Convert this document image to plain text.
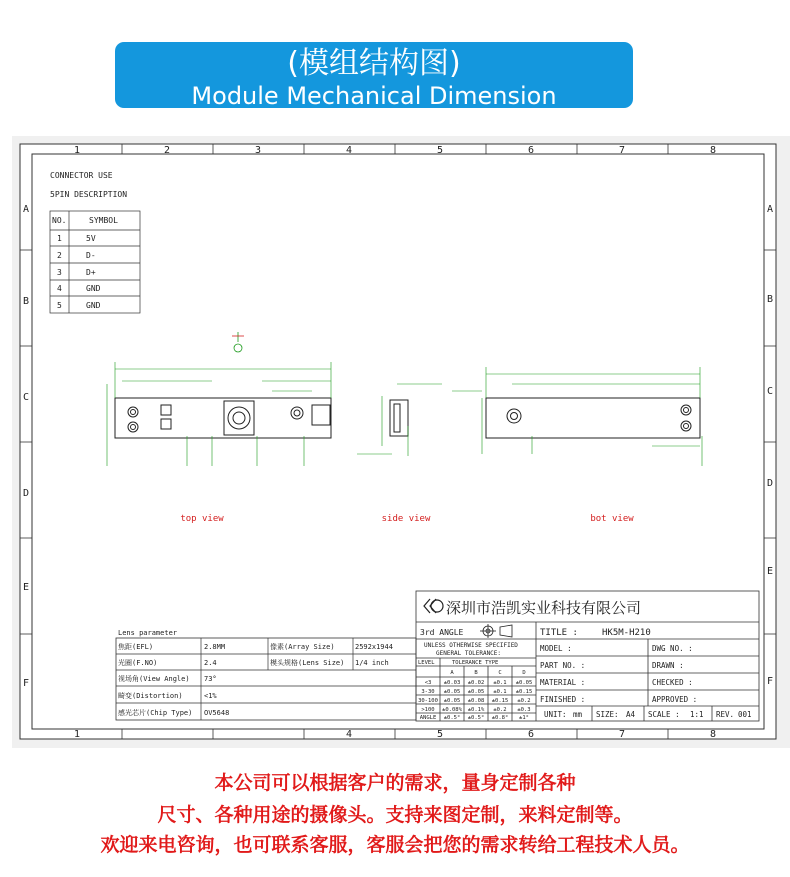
(模组结构图)
Module Mechanical Dimension
1	2	3	4	5	6	7	8
1	4	5	6	7	8
A
B
C
D
E
F
A
B
C
D
E
F
CONNECTOR USE
5PIN DESCRIPTION
NO.	SYMBOL
1	5V
2	D-
3	D+
4	GND
5	GND
top view	side view	bot view
Lens parameter
焦距(EFL)	2.8MM	像素(Array Size)	2592x1944
光圈(F.NO)	2.4	模头规格(Lens Size) 1/4 inch
视场角(View Angle) 73°
畸变(Distortion)	<1%
感光芯片(Chip Type) OV5648
深圳市浩凯实业科技有限公司
3rd ANGLE	TITLE :	HK5M-H210
UNLESS OTHERWISE SPECIFIED
GENERAL TOLERANCE:
LEVEL	TOLERANCE TYPE
A	B	C	D
<3 ±0.03 ±0.02 ±0.1 ±0.05
3-30 ±0.05 ±0.05 ±0.1 ±0.15
30-100 ±0.05 ±0.08 ±0.15 ±0.2
>100 ±0.08% ±0.1% ±0.2 ±0.3
ANGLE ±0.5° ±0.5° ±0.8° ±1°
MODEL :	DWG NO. :
PART NO. :	DRAWN :
MATERIAL :	CHECKED :
FINISHED :	APPROVED :
UNIT: mm SIZE: A4 SCALE : 1:1 REV. 001
本公司可以根据客户的需求，量身定制各种
尺寸、各种用途的摄像头。支持来图定制，来料定制等。
欢迎来电咨询，也可联系客服，客服会把您的需求转给工程技术人员。
